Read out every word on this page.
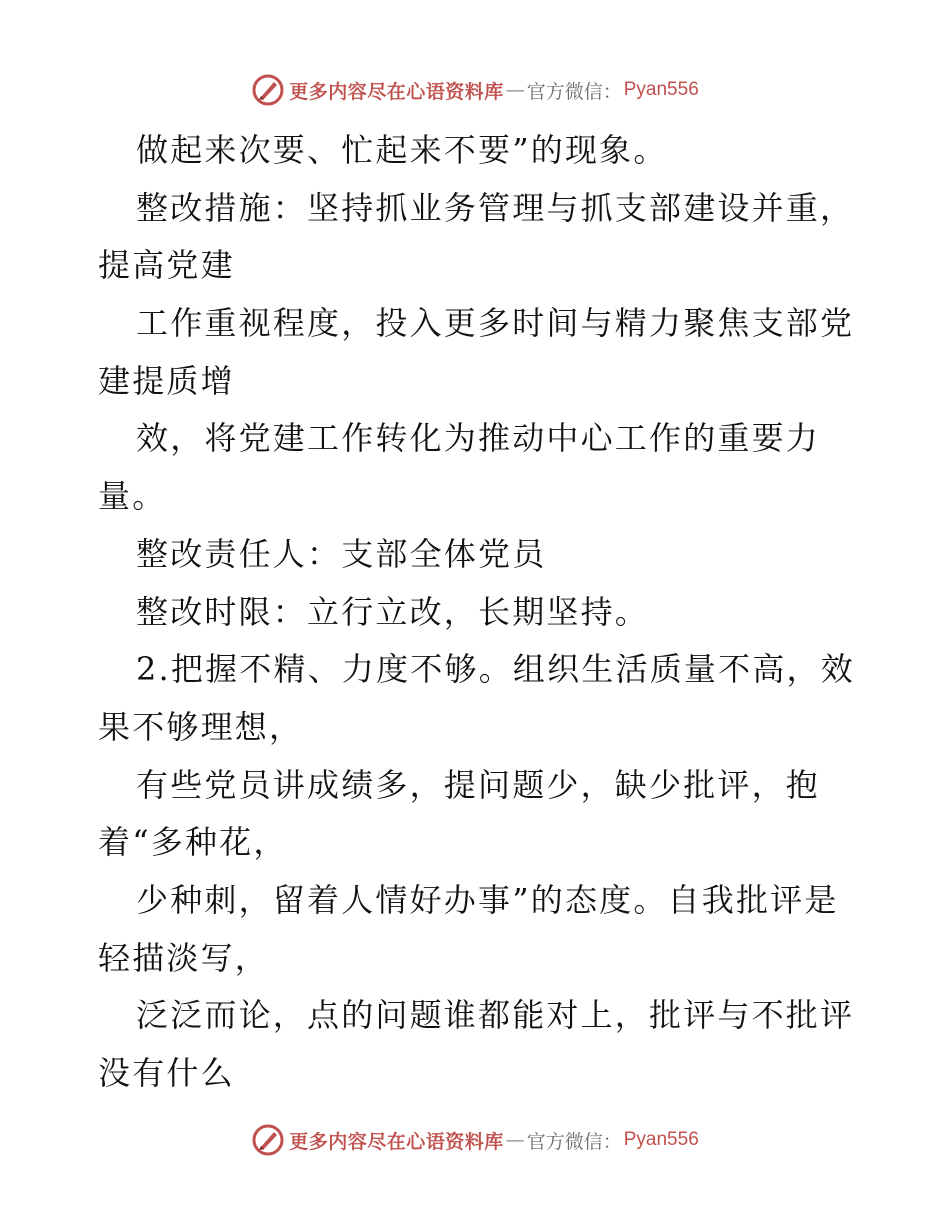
更多内容尽在心语资料库 — 官方微信： Pyan556
做起来次要、忙起来不要”的现象。
整改措施：坚持抓业务管理与抓支部建设并重，
提高党建
工作重视程度，投入更多时间与精力聚焦支部党
建提质增
效，将党建工作转化为推动中心工作的重要力
量。
整改责任人：支部全体党员
整改时限：立行立改，长期坚持。
2.把握不精、力度不够。组织生活质量不高，效
果不够理想，
有些党员讲成绩多，提问题少，缺少批评，抱
着“多种花，
少种刺，留着人情好办事”的态度。自我批评是
轻描淡写，
泛泛而论，点的问题谁都能对上，批评与不批评
没有什么
更多内容尽在心语资料库 — 官方微信： Pyan556
